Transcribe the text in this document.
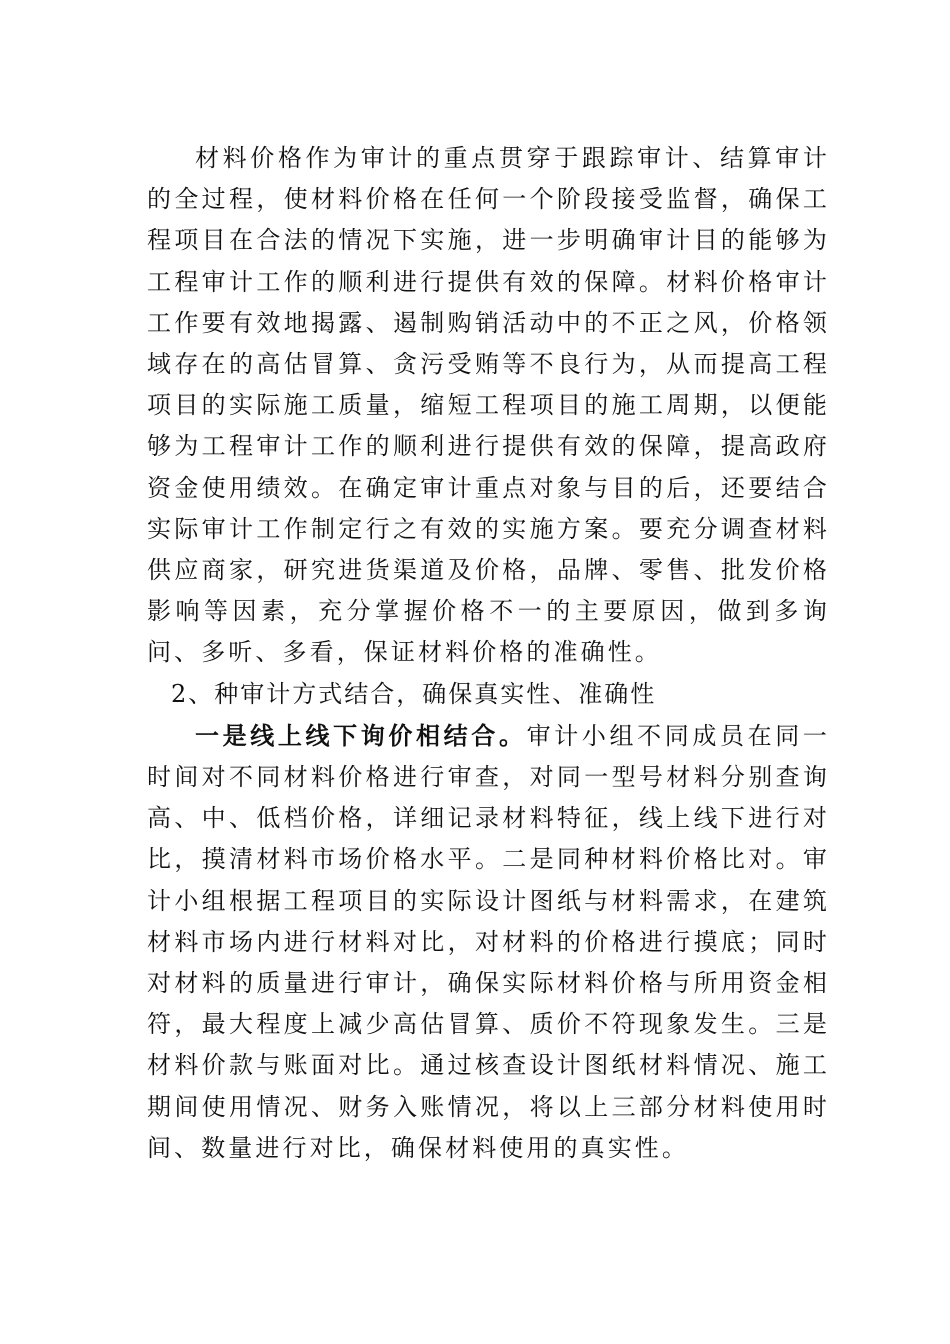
材料价格作为审计的重点贯穿于跟踪审计、结算审计的全过程，使材料价格在任何一个阶段接受监督，确保工程项目在合法的情况下实施，进一步明确审计目的能够为工程审计工作的顺利进行提供有效的保障。材料价格审计工作要有效地揭露、遏制购销活动中的不正之风，价格领域存在的高估冒算、贪污受贿等不良行为，从而提高工程项目的实际施工质量，缩短工程项目的施工周期，以便能够为工程审计工作的顺利进行提供有效的保障，提高政府资金使用绩效。在确定审计重点对象与目的后，还要结合实际审计工作制定行之有效的实施方案。要充分调查材料供应商家，研究进货渠道及价格，品牌、零售、批发价格影响等因素，充分掌握价格不一的主要原因，做到多询问、多听、多看，保证材料价格的准确性。

2、种审计方式结合，确保真实性、准确性

一是线上线下询价相结合。审计小组不同成员在同一时间对不同材料价格进行审查，对同一型号材料分别查询高、中、低档价格，详细记录材料特征，线上线下进行对比，摸清材料市场价格水平。二是同种材料价格比对。审计小组根据工程项目的实际设计图纸与材料需求，在建筑材料市场内进行材料对比，对材料的价格进行摸底；同时对材料的质量进行审计，确保实际材料价格与所用资金相符，最大程度上减少高估冒算、质价不符现象发生。三是材料价款与账面对比。通过核查设计图纸材料情况、施工期间使用情况、财务入账情况，将以上三部分材料使用时间、数量进行对比，确保材料使用的真实性。
